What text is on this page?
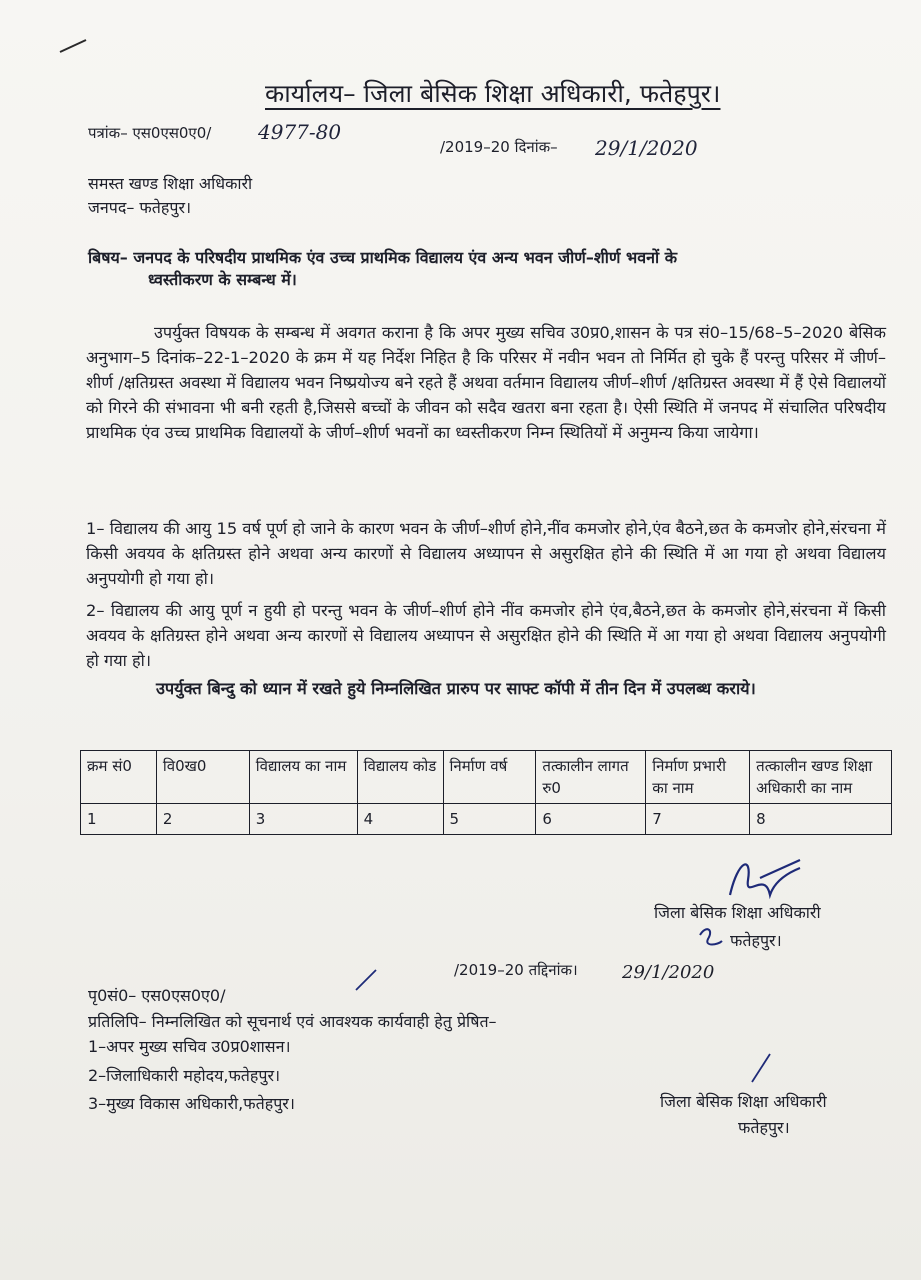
कार्यालय– जिला बेसिक शिक्षा अधिकारी, फतेहपुर।
पत्रांक– एस0एस0ए0/ 4977-80
/2019–20 दिनांक– 29/1/2020
समस्त खण्ड शिक्षा अधिकारी
जनपद– फतेहपुर।
बिषय– जनपद के परिषदीय प्राथमिक एंव उच्च प्राथमिक विद्यालय एंव अन्य भवन जीर्ण–शीर्ण भवनों के
ध्वस्तीकरण के सम्बन्ध में।
उपर्युक्त विषयक के सम्बन्ध में अवगत कराना है कि अपर मुख्य सचिव उ0प्र0,शासन के पत्र सं0–15/68–5–2020 बेसिक अनुभाग–5 दिनांक–22-1–2020 के क्रम में यह निर्देश निहित है कि परिसर में नवीन भवन तो निर्मित हो चुके हैं परन्तु परिसर में जीर्ण–शीर्ण /क्षतिग्रस्त अवस्था में विद्यालय भवन निष्प्रयोज्य बने रहते हैं अथवा वर्तमान विद्यालय जीर्ण–शीर्ण /क्षतिग्रस्त अवस्था में हैं ऐसे विद्यालयों को गिरने की संभावना भी बनी रहती है,जिससे बच्चों के जीवन को सदैव खतरा बना रहता है। ऐसी स्थिति में जनपद में संचालित परिषदीय प्राथमिक एंव उच्च प्राथमिक विद्यालयों के जीर्ण–शीर्ण भवनों का ध्वस्तीकरण निम्न स्थितियों में अनुमन्य किया जायेगा।
1– विद्यालय की आयु 15 वर्ष पूर्ण हो जाने के कारण भवन के जीर्ण–शीर्ण होने,नींव कमजोर होने,एंव बैठने,छत के कमजोर होने,संरचना में किसी अवयव के क्षतिग्रस्त होने अथवा अन्य कारणों से विद्यालय अध्यापन से असुरक्षित होने की स्थिति में आ गया हो अथवा विद्यालय अनुपयोगी हो गया हो।
2– विद्यालय की आयु पूर्ण न हुयी हो परन्तु भवन के जीर्ण–शीर्ण होने नींव कमजोर होने एंव,बैठने,छत के कमजोर होने,संरचना में किसी अवयव के क्षतिग्रस्त होने अथवा अन्य कारणों से विद्यालय अध्यापन से असुरक्षित होने की स्थिति में आ गया हो अथवा विद्यालय अनुपयोगी हो गया हो।
उपर्युक्त बिन्दु को ध्यान में रखते हुये निम्नलिखित प्रारुप पर साफ्ट कॉपी में तीन दिन में उपलब्ध कराये।
क्रम सं0	वि0ख0	विद्यालय का नाम	विद्यालय कोड	निर्माण वर्ष	तत्कालीन लागत रु0	निर्माण प्रभारी का नाम	तत्कालीन खण्ड शिक्षा अधिकारी का नाम
1	2	3	4	5	6	7	8
जिला बेसिक शिक्षा अधिकारी
फतेहपुर।
/2019–20 तद्दिनांक। 29/1/2020
पृ0सं0– एस0एस0ए0/
प्रतिलिपि– निम्नलिखित को सूचनार्थ एवं आवश्यक कार्यवाही हेतु प्रेषित–
1–अपर मुख्य सचिव उ0प्र0शासन।
2–जिलाधिकारी महोदय,फतेहपुर।
3–मुख्य विकास अधिकारी,फतेहपुर।	जिला बेसिक शिक्षा अधिकारी
फतेहपुर।
